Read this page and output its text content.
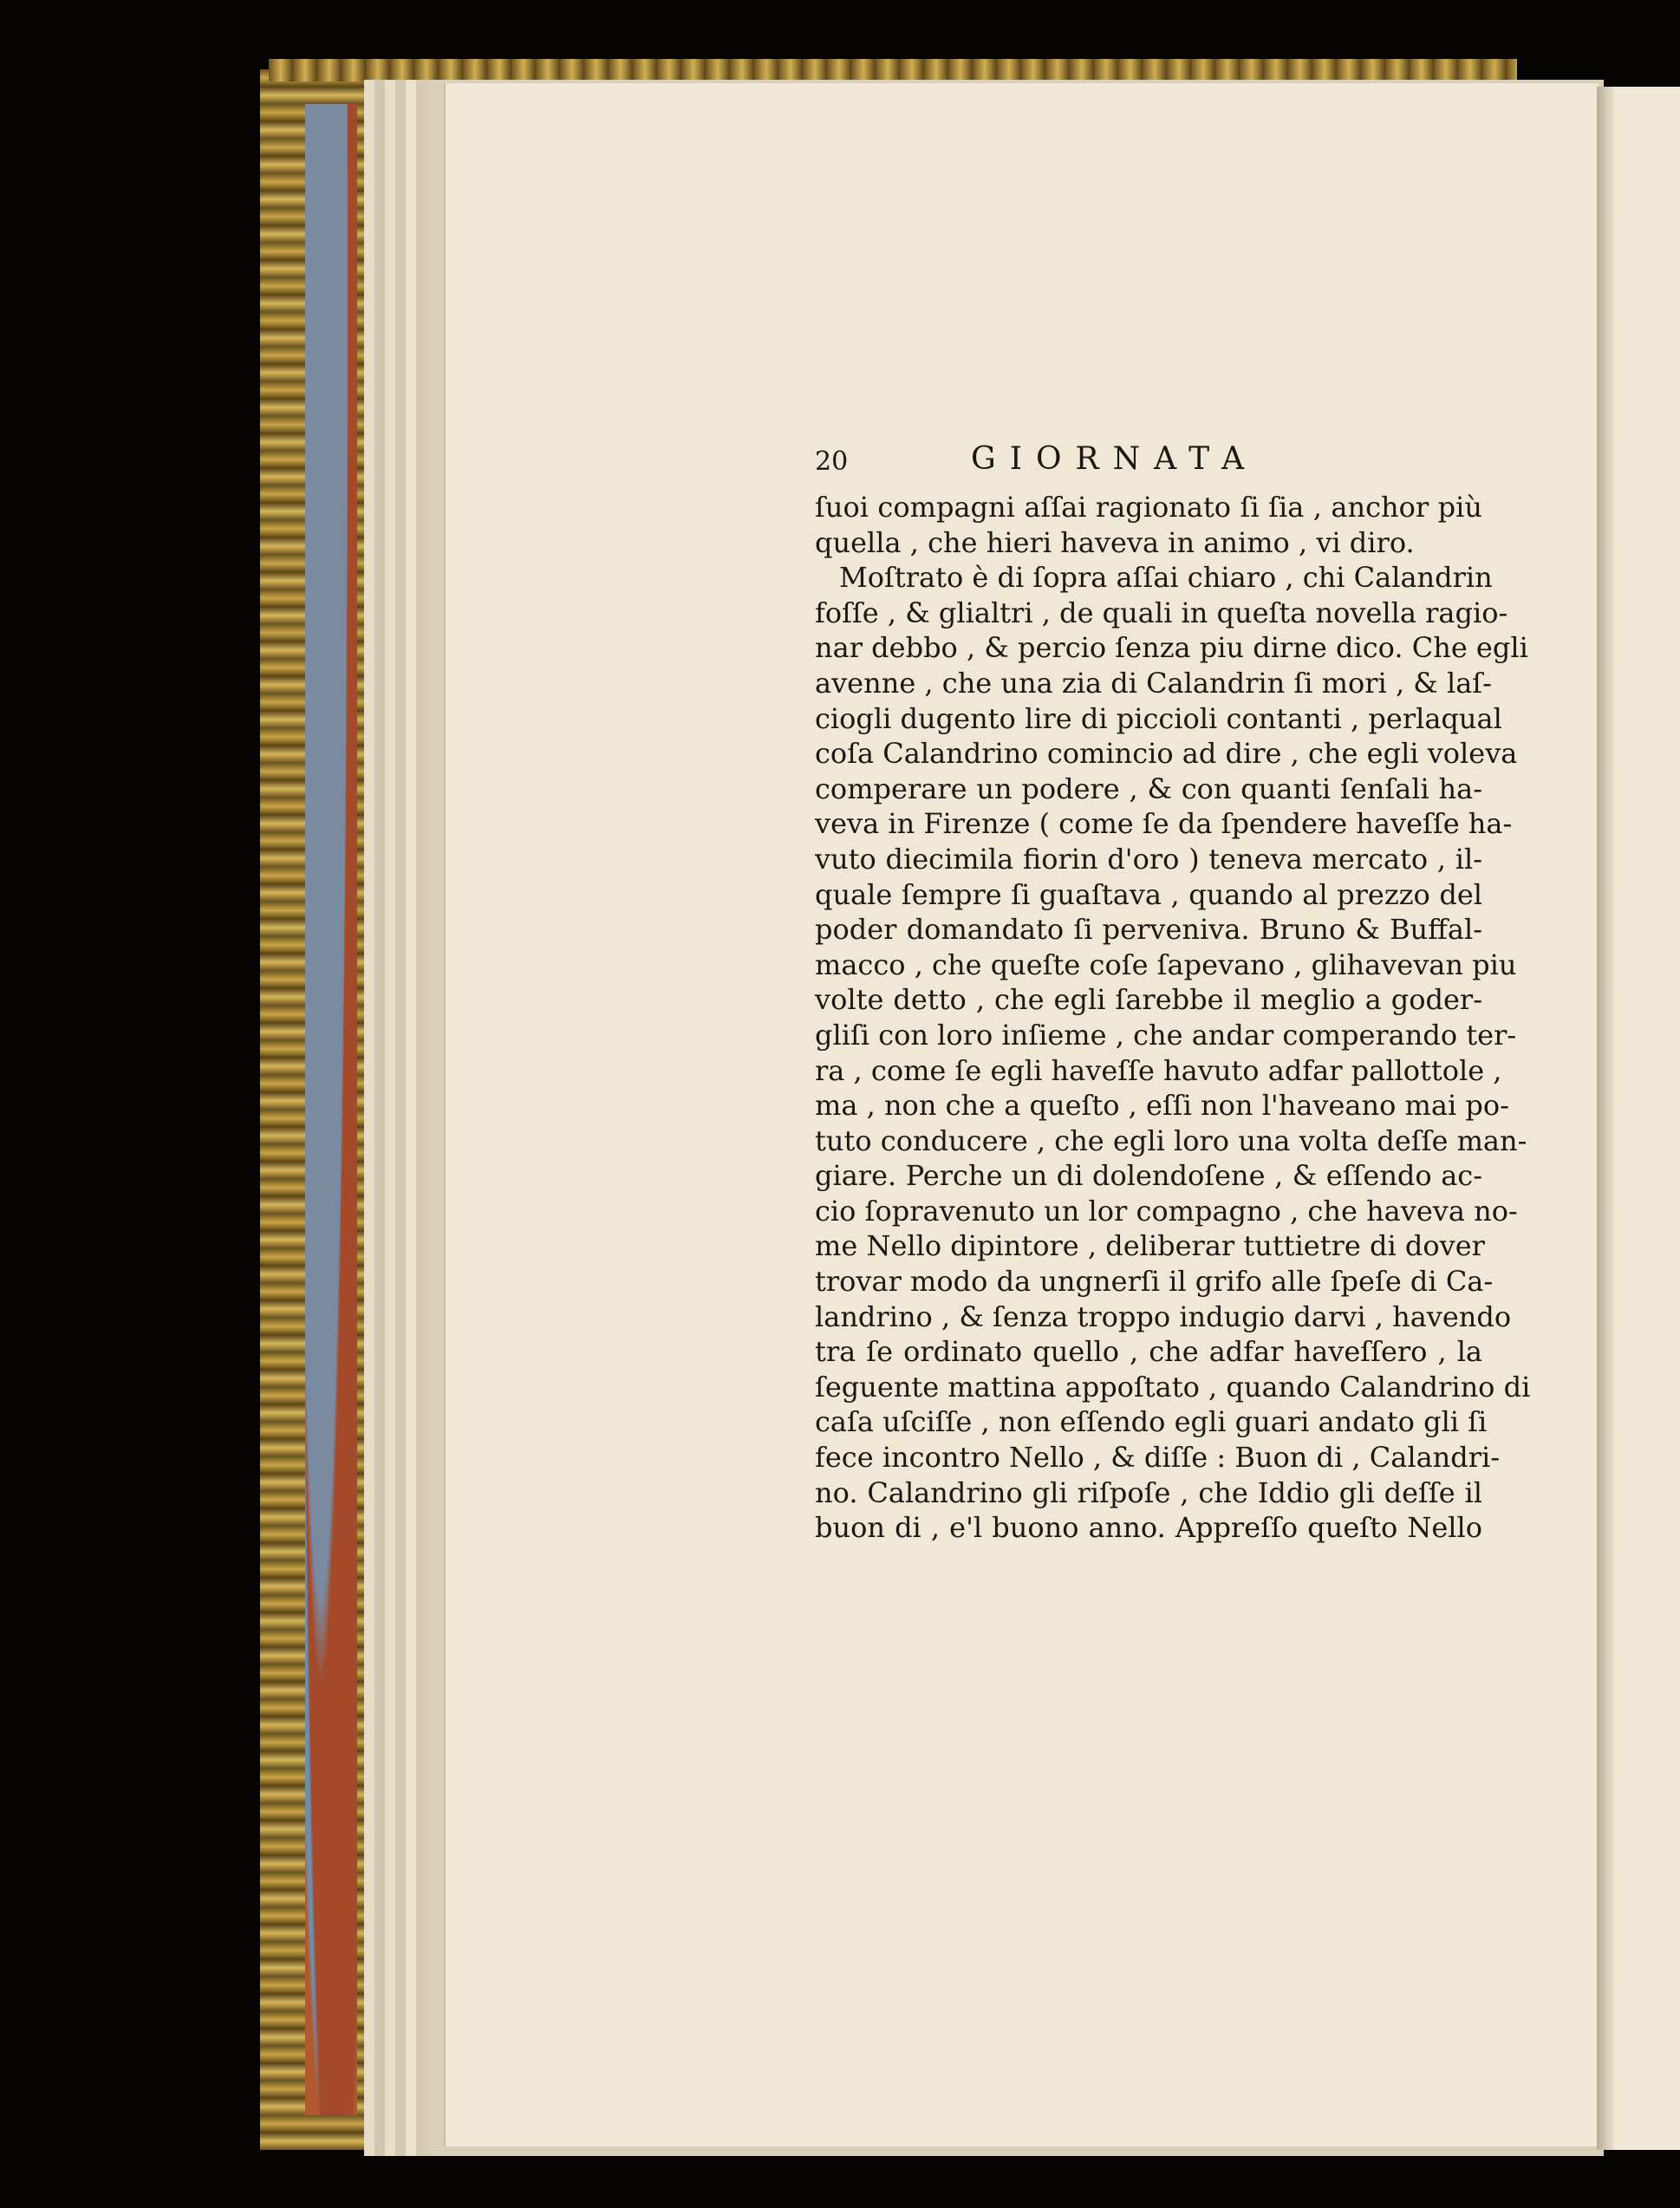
20	GIORNATA
ſuoi compagni aſſai ragionato ſi ſia , anchor più
quella , che hieri haveva in animo , vi diro.
Moſtrato è di ſopra aſſai chiaro , chi Calandrin
foſſe , & glialtri , de quali in queſta novella ragio-
nar debbo , & percio ſenza piu dirne dico. Che egli
avenne , che una zia di Calandrin ſi mori , & laſ-
ciogli dugento lire di piccioli contanti , perlaqual
coſa Calandrino comincio ad dire , che egli voleva
comperare un podere , & con quanti ſenſali ha-
veva in Firenze ( come ſe da ſpendere haveſſe ha-
vuto diecimila fiorin d'oro ) teneva mercato , il-
quale ſempre ſi guaſtava , quando al prezzo del
poder domandato ſi perveniva. Bruno & Buffal-
macco , che queſte coſe ſapevano , glihavevan piu
volte detto , che egli ſarebbe il meglio a goder-
gliſi con loro inſieme , che andar comperando ter-
ra , come ſe egli haveſſe havuto adfar pallottole ,
ma , non che a queſto , eſſi non l'haveano mai po-
tuto conducere , che egli loro una volta deſſe man-
giare. Perche un di dolendoſene , & eſſendo ac-
cio ſopravenuto un lor compagno , che haveva no-
me Nello dipintore , deliberar tuttietre di dover
trovar modo da ungnerſi il grifo alle ſpeſe di Ca-
landrino , & ſenza troppo indugio darvi , havendo
tra ſe ordinato quello , che adfar haveſſero , la
ſeguente mattina appoſtato , quando Calandrino di
caſa uſciſſe , non eſſendo egli guari andato gli ſi
fece incontro Nello , & diſſe : Buon di , Calandri-
no. Calandrino gli riſpoſe , che Iddio gli deſſe il
buon di , e'l buono anno. Appreſſo queſto Nello
